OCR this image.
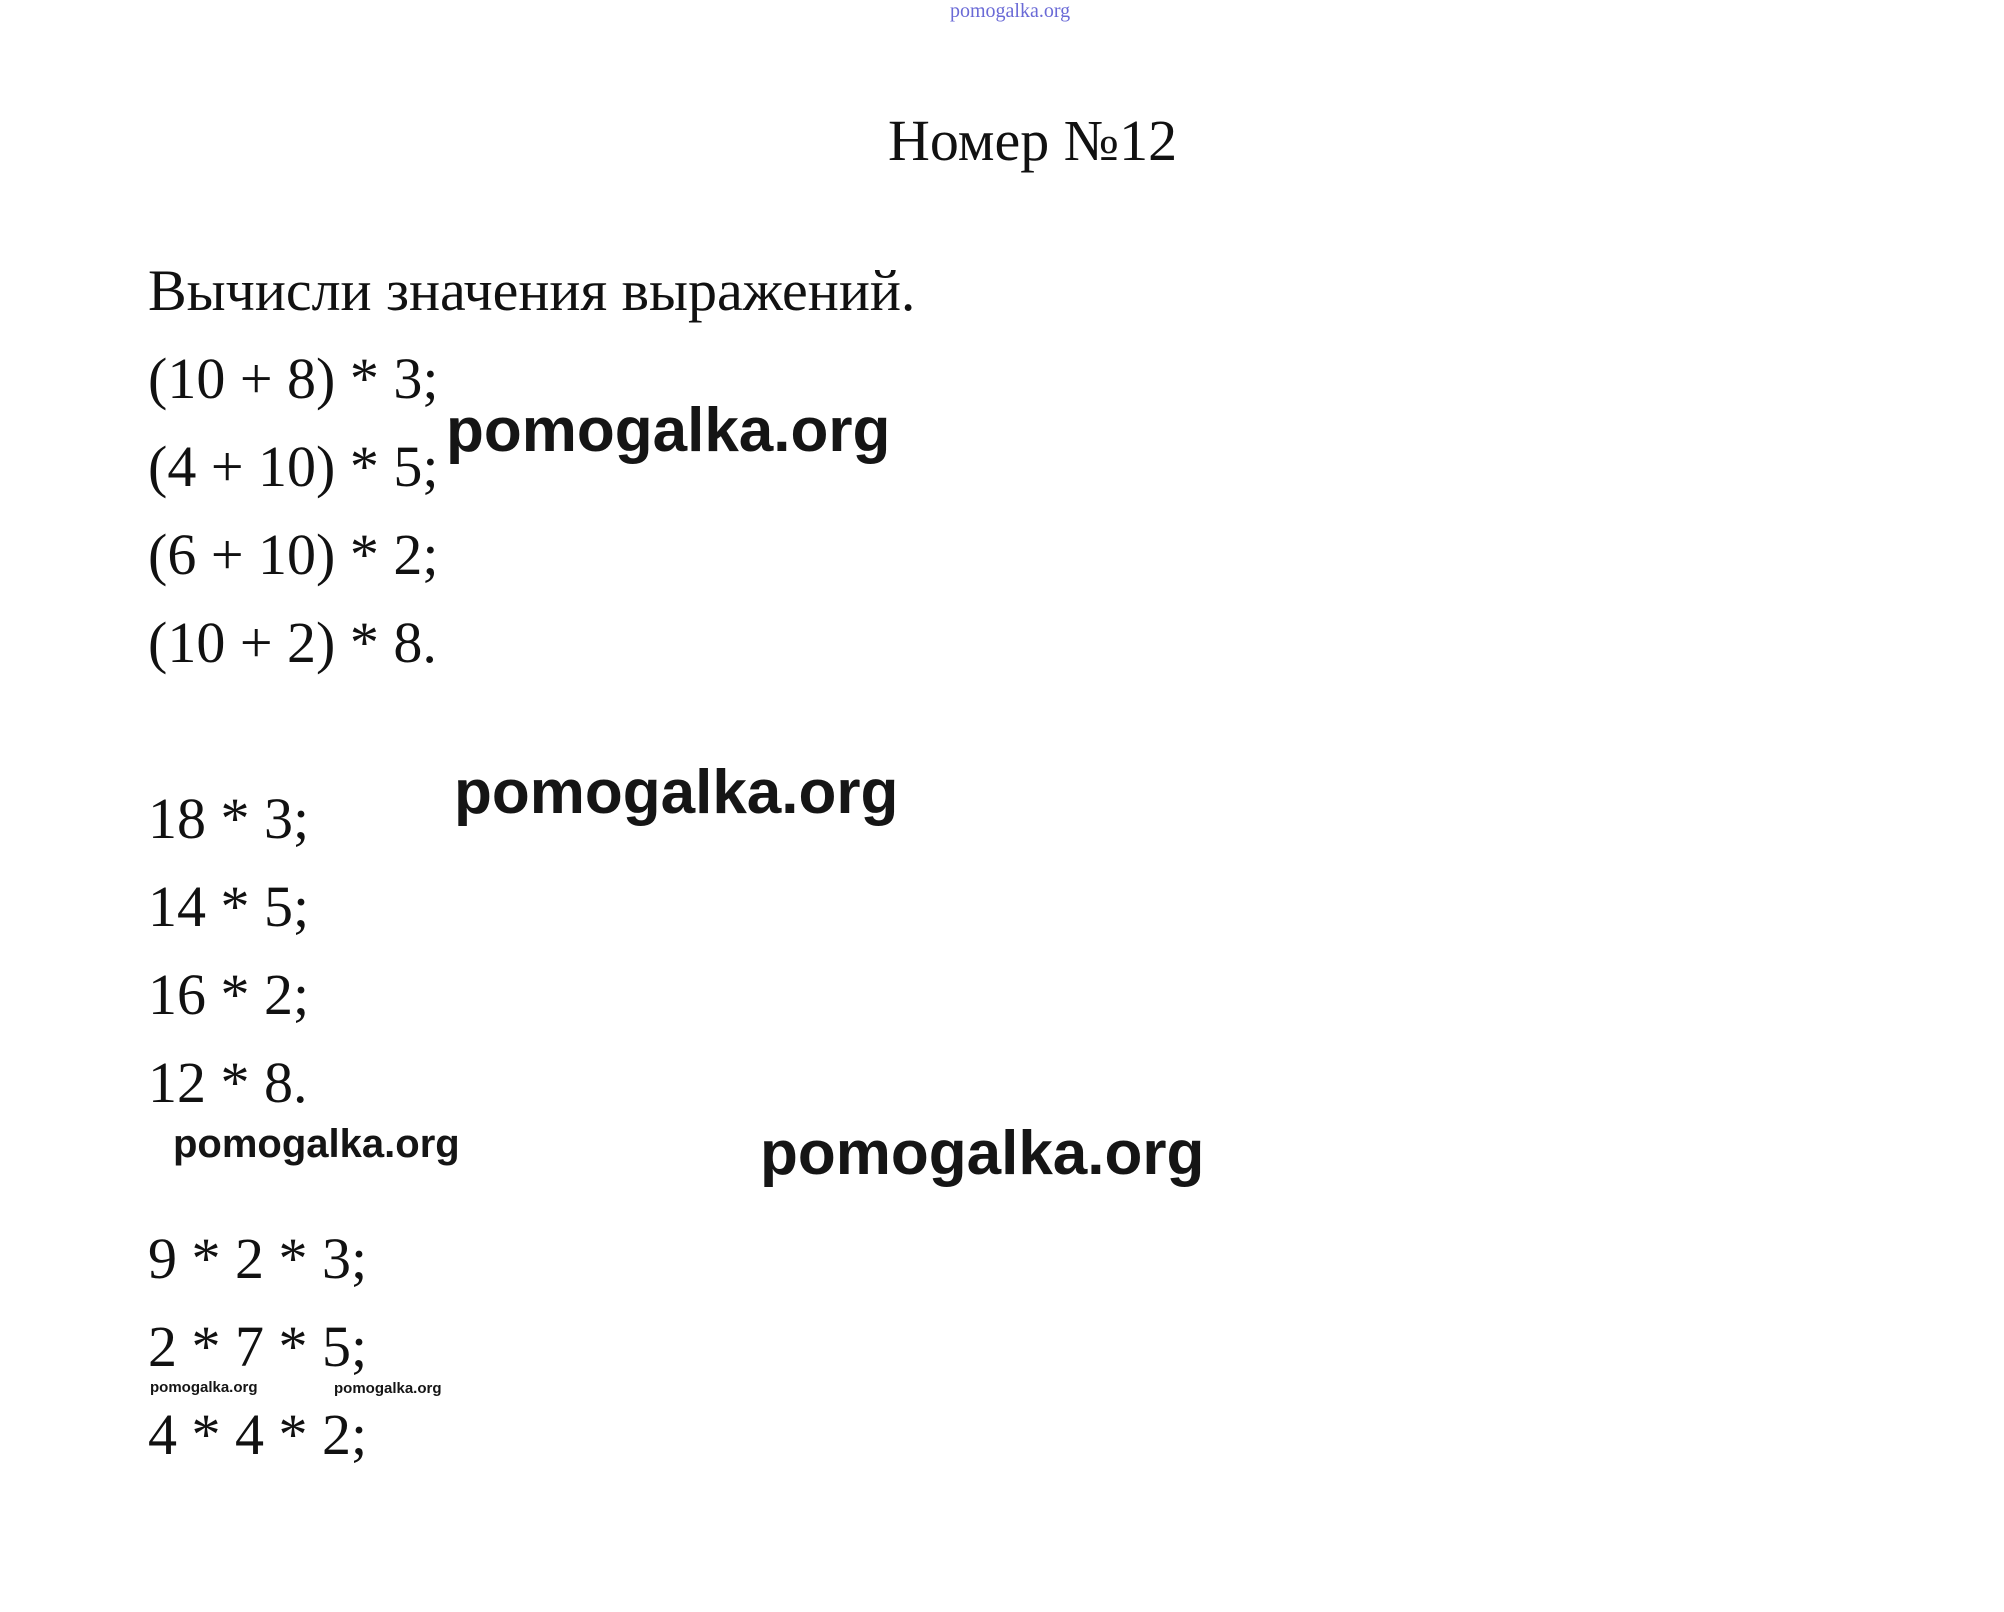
pomogalka.org
Номер №12
Вычисли значения выражений.
(10 + 8) * 3;
(4 + 10) * 5;
(6 + 10) * 2;
(10 + 2) * 8.
18 * 3;
14 * 5;
16 * 2;
12 * 8.
9 * 2 * 3;
2 * 7 * 5;
4 * 4 * 2;
pomogalka.org
pomogalka.org
pomogalka.org	pomogalka.org
pomogalka.org	pomogalka.org
